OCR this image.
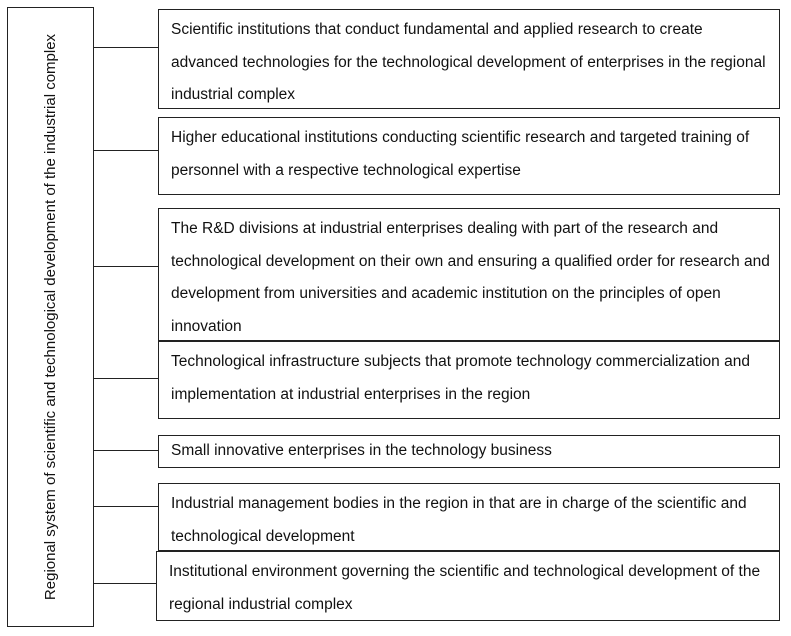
Regional system of scientific and technological development of the industrial complex
Scientific institutions that conduct fundamental and applied research to create advanced technologies for the technological development of enterprises in the regional industrial complex
Higher educational institutions conducting scientific research and targeted training of personnel with a respective technological expertise
The R&D divisions at industrial enterprises dealing with part of the research and technological development on their own and ensuring a qualified order for research and development from universities and academic institution on the principles of open innovation
Technological infrastructure subjects that promote technology commercialization and implementation at industrial enterprises in the region
Small innovative enterprises in the technology business
Industrial management bodies in the region in that are in charge of the scientific and technological development
Institutional environment governing the scientific and technological development of the regional industrial complex
